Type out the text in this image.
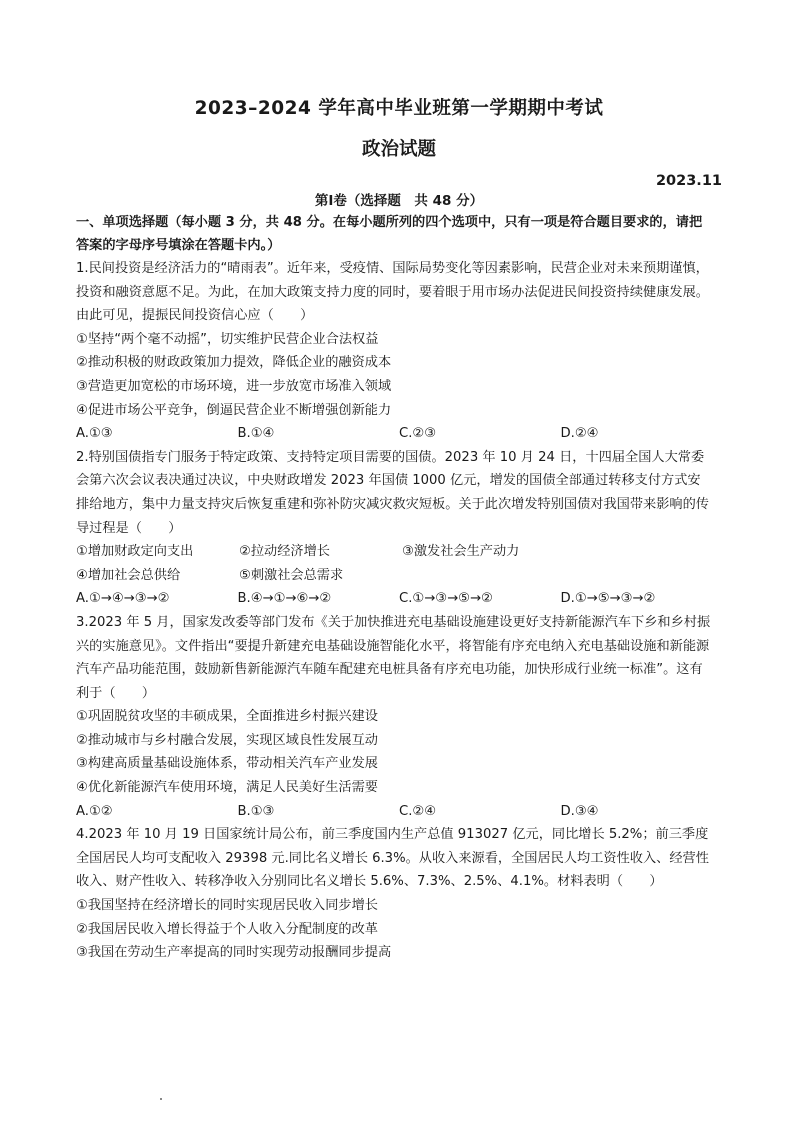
2023–2024 学年高中毕业班第一学期期中考试
政治试题
2023.11
第Ⅰ卷（选择题　共 48 分）
一、单项选择题（每小题 3 分，共 48 分。在每小题所列的四个选项中，只有一项是符合题目要求的，请把
答案的字母序号填涂在答题卡内。）
1.民间投资是经济活力的“晴雨表”。近年来，受疫情、国际局势变化等因素影响，民营企业对未来预期谨慎，
投资和融资意愿不足。为此，在加大政策支持力度的同时，要着眼于用市场办法促进民间投资持续健康发展。
由此可见，提振民间投资信心应（　　）
①坚持“两个毫不动摇”，切实维护民营企业合法权益
②推动积极的财政政策加力提效，降低企业的融资成本
③营造更加宽松的市场环境，进一步放宽市场准入领域
④促进市场公平竞争，倒逼民营企业不断增强创新能力
A.①③	B.①④	C.②③	D.②④
2.特别国债指专门服务于特定政策、支持特定项目需要的国债。2023 年 10 月 24 日，十四届全国人大常委
会第六次会议表决通过决议，中央财政增发 2023 年国债 1000 亿元，增发的国债全部通过转移支付方式安
排给地方，集中力量支持灾后恢复重建和弥补防灾减灾救灾短板。关于此次增发特别国债对我国带来影响的传
导过程是（　　）
①增加财政定向支出	②拉动经济增长	③激发社会生产动力
④增加社会总供给	⑤刺激社会总需求
A.①→④→③→②	B.④→①→⑥→②	C.①→③→⑤→②	D.①→⑤→③→②
3.2023 年 5 月，国家发改委等部门发布《关于加快推进充电基础设施建设更好支持新能源汽车下乡和乡村振
兴的实施意见》。文件指出“要提升新建充电基础设施智能化水平，将智能有序充电纳入充电基础设施和新能源
汽车产品功能范围，鼓励新售新能源汽车随车配建充电桩具备有序充电功能，加快形成行业统一标准”。这有
利于（　　）
①巩固脱贫攻坚的丰硕成果，全面推进乡村振兴建设
②推动城市与乡村融合发展，实现区域良性发展互动
③构建高质量基础设施体系，带动相关汽车产业发展
④优化新能源汽车使用环境，满足人民美好生活需要
A.①②	B.①③	C.②④	D.③④
4.2023 年 10 月 19 日国家统计局公布，前三季度国内生产总值 913027 亿元，同比增长 5.2%；前三季度
全国居民人均可支配收入 29398 元.同比名义增长 6.3%。从收入来源看，全国居民人均工资性收入、经营性
收入、财产性收入、转移净收入分别同比名义增长 5.6%、7.3%、2.5%、4.1%。材料表明（　　）
①我国坚持在经济增长的同时实现居民收入同步增长
②我国居民收入增长得益于个人收入分配制度的改革
③我国在劳动生产率提高的同时实现劳动报酬同步提高
